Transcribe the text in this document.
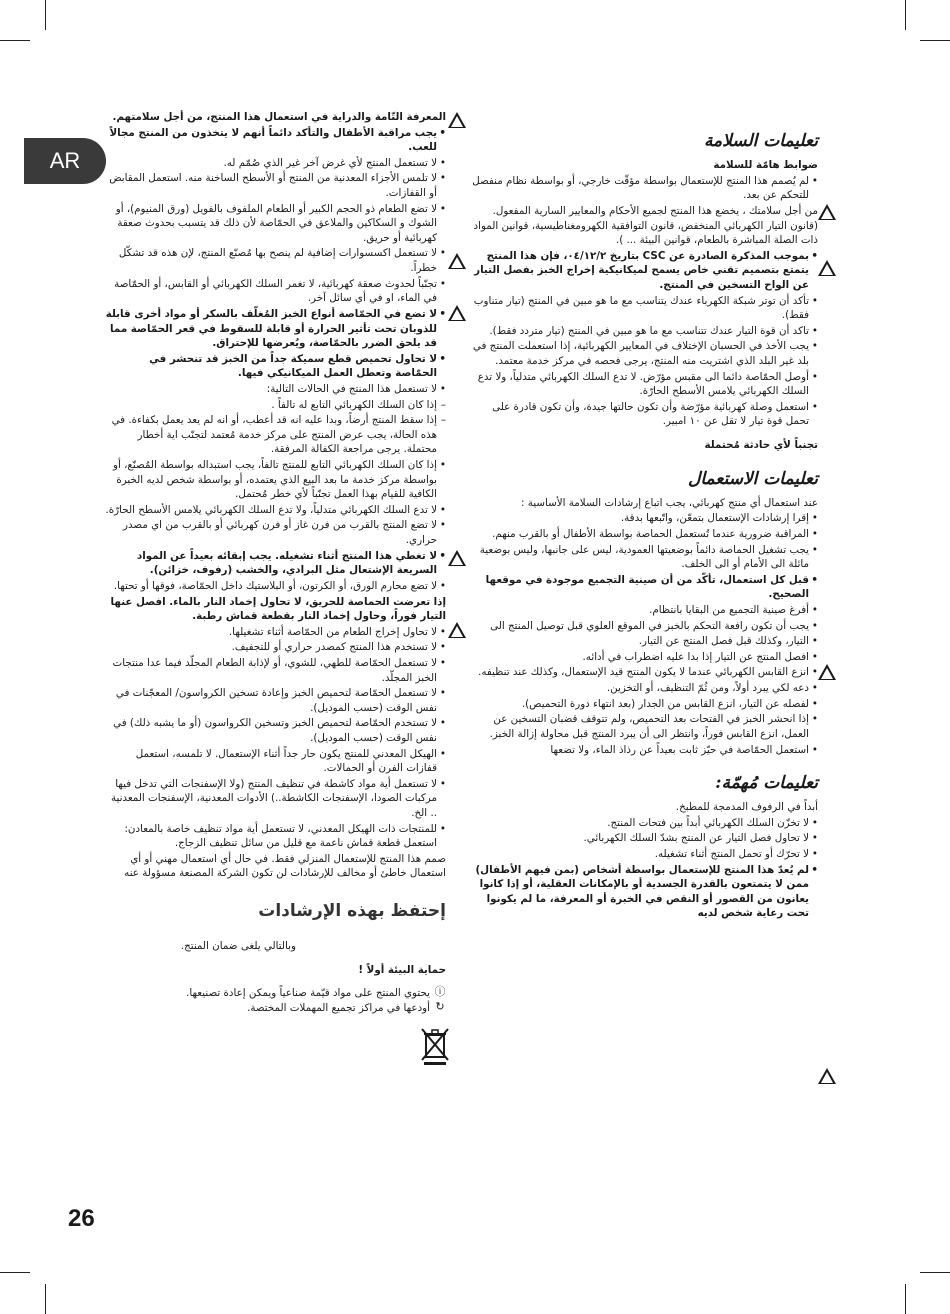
AR
26
!
!
!
!
!
!
!
!
!
تعليمات السلامة

ضوابط هامّة للسلامة

• لم يُصمم هذا المنتج للإستعمال بواسطة مؤقّت خارجي، أو بواسطة نظام منفصل للتحكم عن بعد.

من أجل سلامتك ، يخضع هذا المنتج لجميع الأحكام والمعايير السارية المفعول. (قانون التيار الكهربائي المنخفض، قانون التوافقية الكهرومغناطيسية، قوانين المواد ذات الصلة المباشرة بالطعام، قوانين البيئة ... ).

• بموجب المذكرة الصادرة عن CSC بتاريخ ٠٤/١٢/٢، فإن هذا المنتج يتمتع بتصميم تقني خاص يسمح لميكانيكية إخراج الخبز بفصل التيار عن الواح التسخين في المنتج.

• تأكد أن توتر شبكة الكهرباء عندك يتناسب مع ما هو مبين في المنتج (تيار متناوب فقط).

• تاكد أن قوة التيار عندك تتناسب مع ما هو مبين في المنتج (تيار متردد فقط).

• يجب الأخذ في الحسبان الإختلاف في المعايير الكهربائية، إذا استعملت المنتج في بلد غير البلد الذي اشتريت منه المنتج، يرجى فحصه في مركز خدمة معتمد.

• أوصل الحمّاصة دائما الى مقبس مؤرّض. لا تدع السلك الكهربائي متدلياً، ولا تدع السلك الكهربائي يلامس الأسطح الحارّة.

• استعمل وصلة كهربائية مؤرّضة وأن تكون حالتها جيدة، وأن تكون قادرة على تحمل قوة تيار لا تقل عن ١٠ امبير.

تجنباً لأي حادثة مُحتملة

تعليمات الاستعمال

عند استعمال أي منتج كهربائي، يجب اتباع إرشادات السلامة الأساسية :

• إقرا إرشادات الإستعمال بتمعّن، واتّبعها بدقة.

• المراقبة ضرورية عندما تُستعمل الحماصة بواسطة الأطفال أو بالقرب منهم.

• يجب تشغيل الحماصة دائماً بوضعيتها العمودية، ليس على جانبها، وليس بوضعية مائلة الى الأمام أو الى الخلف.

• قبل كل استعمال، تأكّد من أن صينية التجميع موجودة في موقعها الصحيح.

• أفرغ صينية التجميع من البقايا بانتظام.

• يجب أن تكون رافعة التحكم بالخبز في الموقع العلوي قبل توصيل المنتج الى

• التيار، وكذلك قبل فصل المنتج عن التيار.

• افصل المنتج عن التيار إذا بدا عليه اضطراب في أدائه.

• انزع القابس الكهربائي عندما لا يكون المنتج قيد الإستعمال، وكذلك عند تنظيفه.

• دعه لكي يبرد أولاً، ومن ثُمّ التنظيف، أو التخزين.

• لفصله عن التيار، انزع القابس من الجدار (بعد انتهاء دورة التحميص).

• إذا انحشر الخبز في الفتحات بعد التحميص، ولم تتوقف قضبان التسخين عن العمل، انزع القابس فوراً، وانتظر الى أن يبرد المنتج قبل محاولة إزالة الخبز.

• استعمل الحمّاصة في حيّز ثابت بعيداً عن رذاذ الماء، ولا تضعها

تعليمات مُهمّة:

أبداً في الرفوف المدمجة للمطبخ.

• لا تخزّن السلك الكهربائي أبداً بين فتحات المنتج.

• لا تحاول فصل التيار عن المنتج بشدّ السلك الكهربائي.

• لا تحرّك أو تحمل المنتج أثناء تشغيله.

• لم يُعدّ هذا المنتج للإستعمال بواسطة أشخاص (بمن فيهم الأطفال) ممن لا يتمتعون بالقدرة الجسدية أو بالإمكانات العقلية، أو إذا كانوا يعانون من القصور أو النقص في الخبرة أو المعرفة، ما لم يكونوا تحت رعاية شخص لديه

المعرفة التّامة والدراية في استعمال هذا المنتج، من أجل سلامتهم.

• يجب مراقبة الأطفال والتأكد دائماً أنهم لا يتخذون من المنتج مجالاً للعب.

• لا تستعمل المنتج لأي غرض آخر غير الذي صُمّم له.

• لا تلمس الأجزاء المعدنية من المنتج أو الأسطح الساخنة منه. استعمل المقابض أو القفازات.

• لا تضع الطعام ذو الحجم الكبير أو الطعام الملفوف بالفويل (ورق المنيوم)، أو الشوك و السكاكين والملاعق في الحمّاصة لأن ذلك قد يتسبب بحدوث صعقة كهربائية أو حريق.

• لا تستعمل اكسسوارات إضافية لم ينصح بها مُصنّع المنتج، لإن هذه قد تشكّل خطراً.

• تجنّباً لحدوث صعقة كهربائية، لا تغمر السلك الكهربائي أو القابس، أو الحمّاصة في الماء، او في أي سائل آخر.

• لا تضع في الحمّاصة أنواع الخبز المُغلّف بالسكر أو مواد أخرى قابلة للذوبان تحت تأثير الحرارة أو قابلة للسقوط في قعر الحمّاصة مما قد يلحق الضرر بالحمّاصة، ويُعرضها للإحتراق.

• لا تحاول تحميص قطع سميكة جداً من الخبز قد تنحشر في الحمّاصة وتعطل العمل الميكانيكي فيها.

• لا تستعمل هذا المنتج في الحالات التالية:

– إذا كان السلك الكهربائي التابع له تالفاً .

– إذا سقط المنتج أرضاً، وبدا عليه انه قد أعطب، أو انه لم يعد يعمل بكفاءة. في هذه الحالة، يجب عرض المنتج على مركز خدمة مُعتمد لتجنّب اية أخطار محتملة. يرجى مراجعة الكفالة المرفقة.

• إذا كان السلك الكهربائي التابع للمنتج تالفاً، يجب استبداله بواسطة المُصنّع، أو بواسطة مركز خدمة ما بعد البيع الذي يعتمده، أو بواسطة شخص لديه الخبرة الكافية للقيام بهذا العمل تجنّباً لأي خطر مُحتمل.

• لا تدع السلك الكهربائي متدلياً، ولا تدع السلك الكهربائي يلامس الأسطح الحارّة.

• لا تضع المنتج بالقرب من فرن غاز أو فرن كهربائي أو بالقرب من اي مصدر حراري.

• لا تغطي هذا المنتج أثناء تشغيله. يجب إبقائه بعيداً عن المواد السريعة الإشتعال مثل البرادي، والخشب (رفوف، خزائن).

• لا تضع محارم الورق، أو الكرتون، أو البلاستيك داخل الحمّاصة، فوقها أو تحتها.

إذا تعرضت الحماصة للحريق، لا تحاول إخماد النار بالماء. افصل عنها التيار فوراً، وحاول إخماد النار بقطعة قماش رطبة.

• لا تحاول إخراج الطعام من الحمّاصة أثناء تشغيلها.

• لا تستخدم هذا المنتج كمصدر حراري أو للتجفيف.

• لا تستعمل الحمّاصة للطهي، للشوي، أو لإذابة الطعام المجلّد فيما عدا منتجات الخبز المجلّد.

• لا تستعمل الحمّاصة لتحميص الخبز وإعادة تسخين الكرواسون/ المعجّنات في نفس الوقت (حسب الموديل).

• لا تستخدم الحمّاصة لتحميص الخبز وتسخين الكرواسون (أو ما يشبه ذلك) في نفس الوقت (حسب الموديل).

• الهيكل المعدني للمنتج يكون حار جداً أثناء الإستعمال. لا تلمسه، استعمل قفازات الفرن أو الحمالات.

• لا تستعمل أية مواد كاشطة في تنظيف المنتج (ولا الإسفنجات التي تدخل فيها مركبات الصودا، الإسفنجات الكاشطة..) الأدوات المعدنية، الإسفنجات المعدنية .. الخ.

• للمنتجات ذات الهيكل المعدني، لا تستعمل أية مواد تنظيف خاصة بالمعادن: استعمل قطعة قماش ناعمة مع قليل من سائل تنظيف الزجاج.

صمم هذا المنتج للإستعمال المنزلي فقط. في حال أي استعمال مهني أو أي استعمال خاطئ أو مخالف للإرشادات لن تكون الشركة المصنعة مسؤولة عنه

إحتفظ بهذه الإرشادات

وبالتالي يلغى ضمان المنتج.

حماية البيئة أولاً !

ⓘ
يحتوي المنتج على مواد قيّمة صناعياً ويمكن إعادة تصنيعها.
↻
أودعها في مراكز تجميع المهملات المختصة.
